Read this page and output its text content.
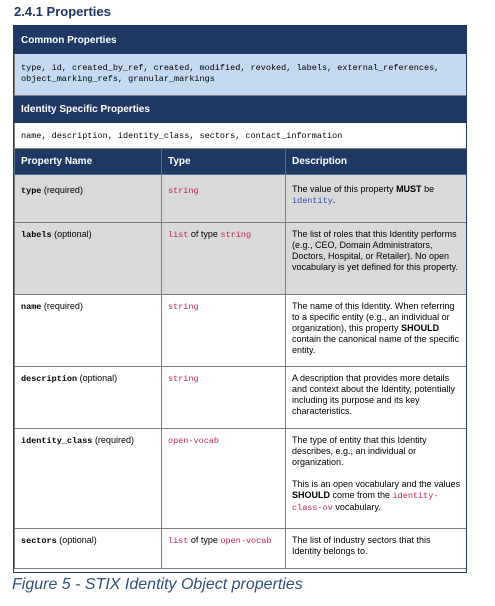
2.4.1 Properties
Common Properties		
type, id, created_by_ref, created, modified, revoked, labels, external_references, object_marking_refs, granular_markings		
Identity Specific Properties		
name, description, identity_class, sectors, contact_information		
Property Name	Type	Description
type (required)	string	The value of this property MUST be identity.
labels (optional)	list of type string	The list of roles that this Identity performs (e.g., CEO, Domain Administrators, Doctors, Hospital, or Retailer). No open vocabulary is yet defined for this property.
name (required)	string	The name of this Identity. When referring to a specific entity (e.g., an individual or organization), this property SHOULD contain the canonical name of the specific entity.
description (optional)	string	A description that provides more details and context about the Identity, potentially including its purpose and its key characteristics.
identity_class (required)	open-vocab	The type of entity that this Identity describes, e.g., an individual or organization.
This is an open vocabulary and the values SHOULD come from the identity-class-ov vocabulary.
sectors (optional)	list of type open-vocab	The list of industry sectors that this Identity belongs to.
Figure 5 - STIX Identity Object properties
